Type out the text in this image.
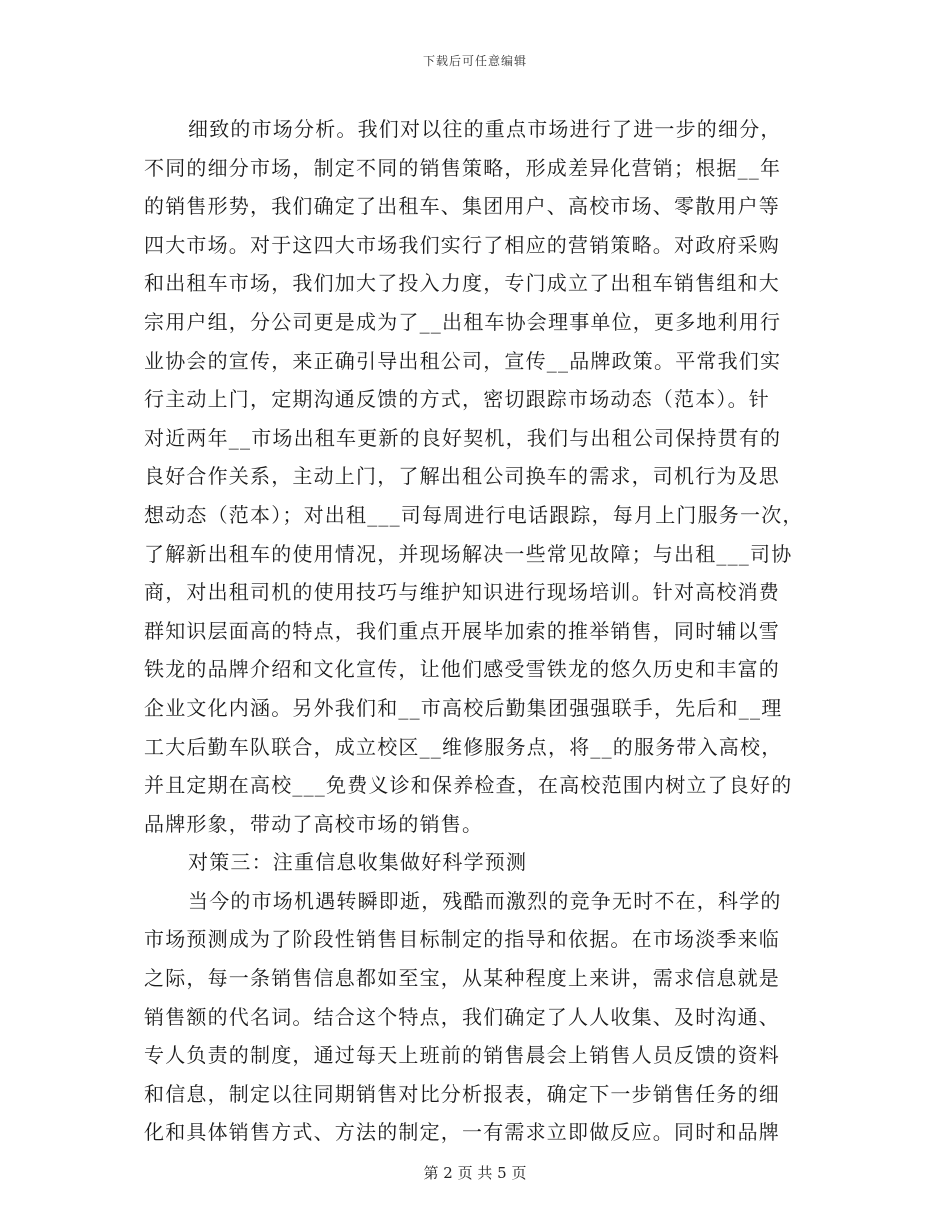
下载后可任意编辑
细致的市场分析。我们对以往的重点市场进行了进一步的细分，
不同的细分市场，制定不同的销售策略，形成差异化营销；根据__年
的销售形势，我们确定了出租车、集团用户、高校市场、零散用户等
四大市场。对于这四大市场我们实行了相应的营销策略。对政府采购
和出租车市场，我们加大了投入力度，专门成立了出租车销售组和大
宗用户组，分公司更是成为了__出租车协会理事单位，更多地利用行
业协会的宣传，来正确引导出租公司，宣传__品牌政策。平常我们实
行主动上门，定期沟通反馈的方式，密切跟踪市场动态（范本）。针
对近两年__市场出租车更新的良好契机，我们与出租公司保持贯有的
良好合作关系，主动上门，了解出租公司换车的需求，司机行为及思
想动态（范本）；对出租___司每周进行电话跟踪，每月上门服务一次，
了解新出租车的使用情况，并现场解决一些常见故障；与出租___司协
商，对出租司机的使用技巧与维护知识进行现场培训。针对高校消费
群知识层面高的特点，我们重点开展毕加索的推举销售，同时辅以雪
铁龙的品牌介绍和文化宣传，让他们感受雪铁龙的悠久历史和丰富的
企业文化内涵。另外我们和__市高校后勤集团强强联手，先后和__理
工大后勤车队联合，成立校区__维修服务点，将__的服务带入高校，
并且定期在高校___免费义诊和保养检查，在高校范围内树立了良好的
品牌形象，带动了高校市场的销售。
对策三：注重信息收集做好科学预测
当今的市场机遇转瞬即逝，残酷而激烈的竞争无时不在，科学的
市场预测成为了阶段性销售目标制定的指导和依据。在市场淡季来临
之际，每一条销售信息都如至宝，从某种程度上来讲，需求信息就是
销售额的代名词。结合这个特点，我们确定了人人收集、及时沟通、
专人负责的制度，通过每天上班前的销售晨会上销售人员反馈的资料
和信息，制定以往同期销售对比分析报表，确定下一步销售任务的细
化和具体销售方式、方法的制定，一有需求立即做反应。同时和品牌
第 2 页 共 5 页
